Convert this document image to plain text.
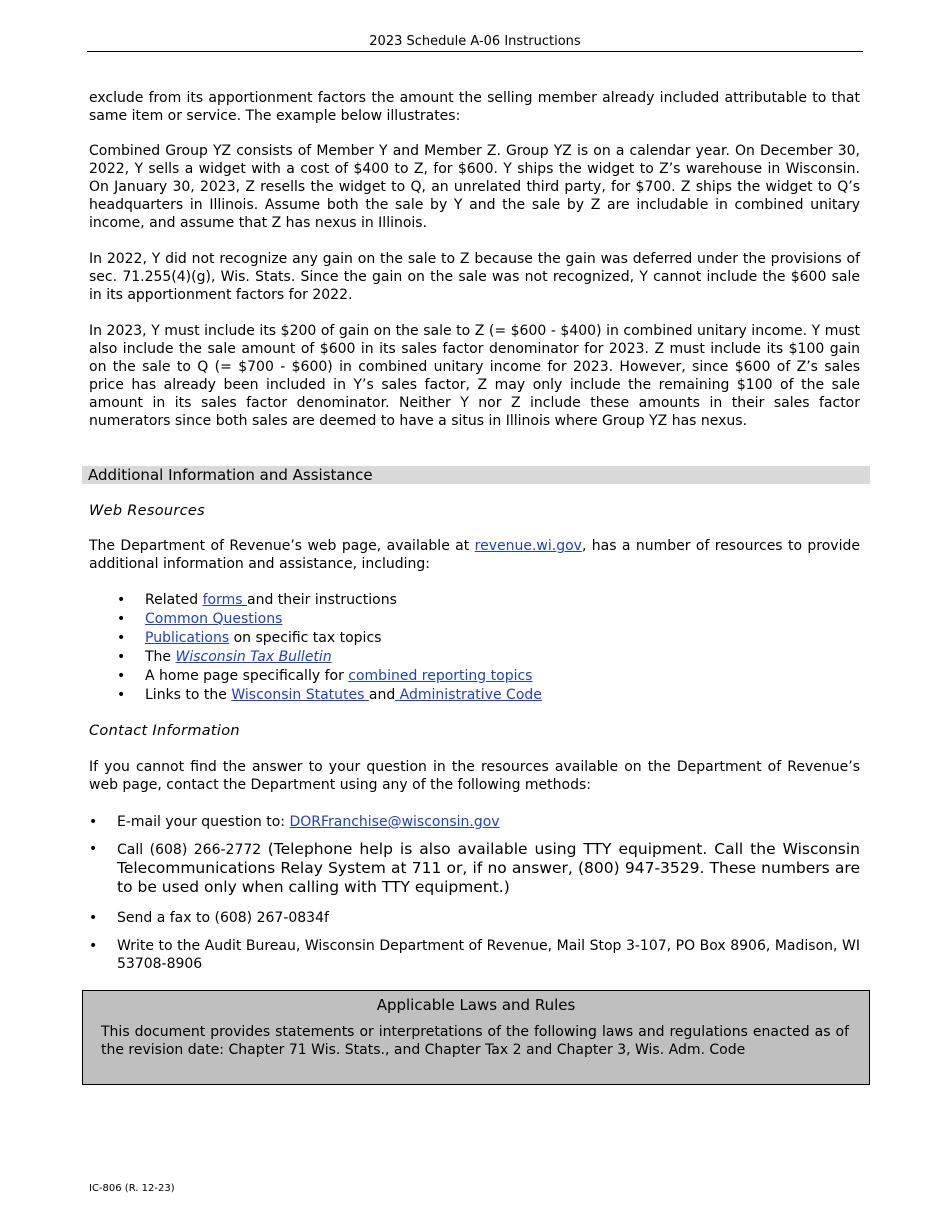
2023 Schedule A-06 Instructions

exclude from its apportionment factors the amount the selling member already included attributable to that same item or service. The example below illustrates:

Combined Group YZ consists of Member Y and Member Z. Group YZ is on a calendar year. On December 30, 2022, Y sells a widget with a cost of $400 to Z, for $600. Y ships the widget to Z’s warehouse in Wisconsin. On January 30, 2023, Z resells the widget to Q, an unrelated third party, for $700. Z ships the widget to Q’s headquarters in Illinois. Assume both the sale by Y and the sale by Z are includable in combined unitary income, and assume that Z has nexus in Illinois.

In 2022, Y did not recognize any gain on the sale to Z because the gain was deferred under the provisions of sec. 71.255(4)(g), Wis. Stats. Since the gain on the sale was not recognized, Y cannot include the $600 sale in its apportionment factors for 2022.

In 2023, Y must include its $200 of gain on the sale to Z (= $600 - $400) in combined unitary income. Y must also include the sale amount of $600 in its sales factor denominator for 2023. Z must include its $100 gain on the sale to Q (= $700 - $600) in combined unitary income for 2023. However, since $600 of Z’s sales price has already been included in Y’s sales factor, Z may only include the remaining $100 of the sale amount in its sales factor denominator. Neither Y nor Z include these amounts in their sales factor numerators since both sales are deemed to have a situs in Illinois where Group YZ has nexus.

Additional Information and Assistance
Web Resources

The Department of Revenue’s web page, available at revenue.wi.gov, has a number of resources to provide additional information and assistance, including:

• Related forms and their instructions
• Common Questions
• Publications on specific tax topics
• The Wisconsin Tax Bulletin
• A home page specifically for combined reporting topics
• Links to the Wisconsin Statutes and Administrative Code
Contact Information

If you cannot find the answer to your question in the resources available on the Department of Revenue’s web page, contact the Department using any of the following methods:

• E-mail your question to: DORFranchise@wisconsin.gov
• Call (608) 266-2772 (Telephone help is also available using TTY equipment. Call the Wisconsin Telecommunications Relay System at 711 or, if no answer, (800) 947-3529. These numbers are to be used only when calling with TTY equipment.)
• Send a fax to (608) 267-0834f
• Write to the Audit Bureau, Wisconsin Department of Revenue, Mail Stop 3-107, PO Box 8906, Madison, WI 53708-8906
Applicable Laws and Rules

This document provides statements or interpretations of the following laws and regulations enacted as of the revision date: Chapter 71 Wis. Stats., and Chapter Tax 2 and Chapter 3, Wis. Adm. Code

IC-806 (R. 12-23)
